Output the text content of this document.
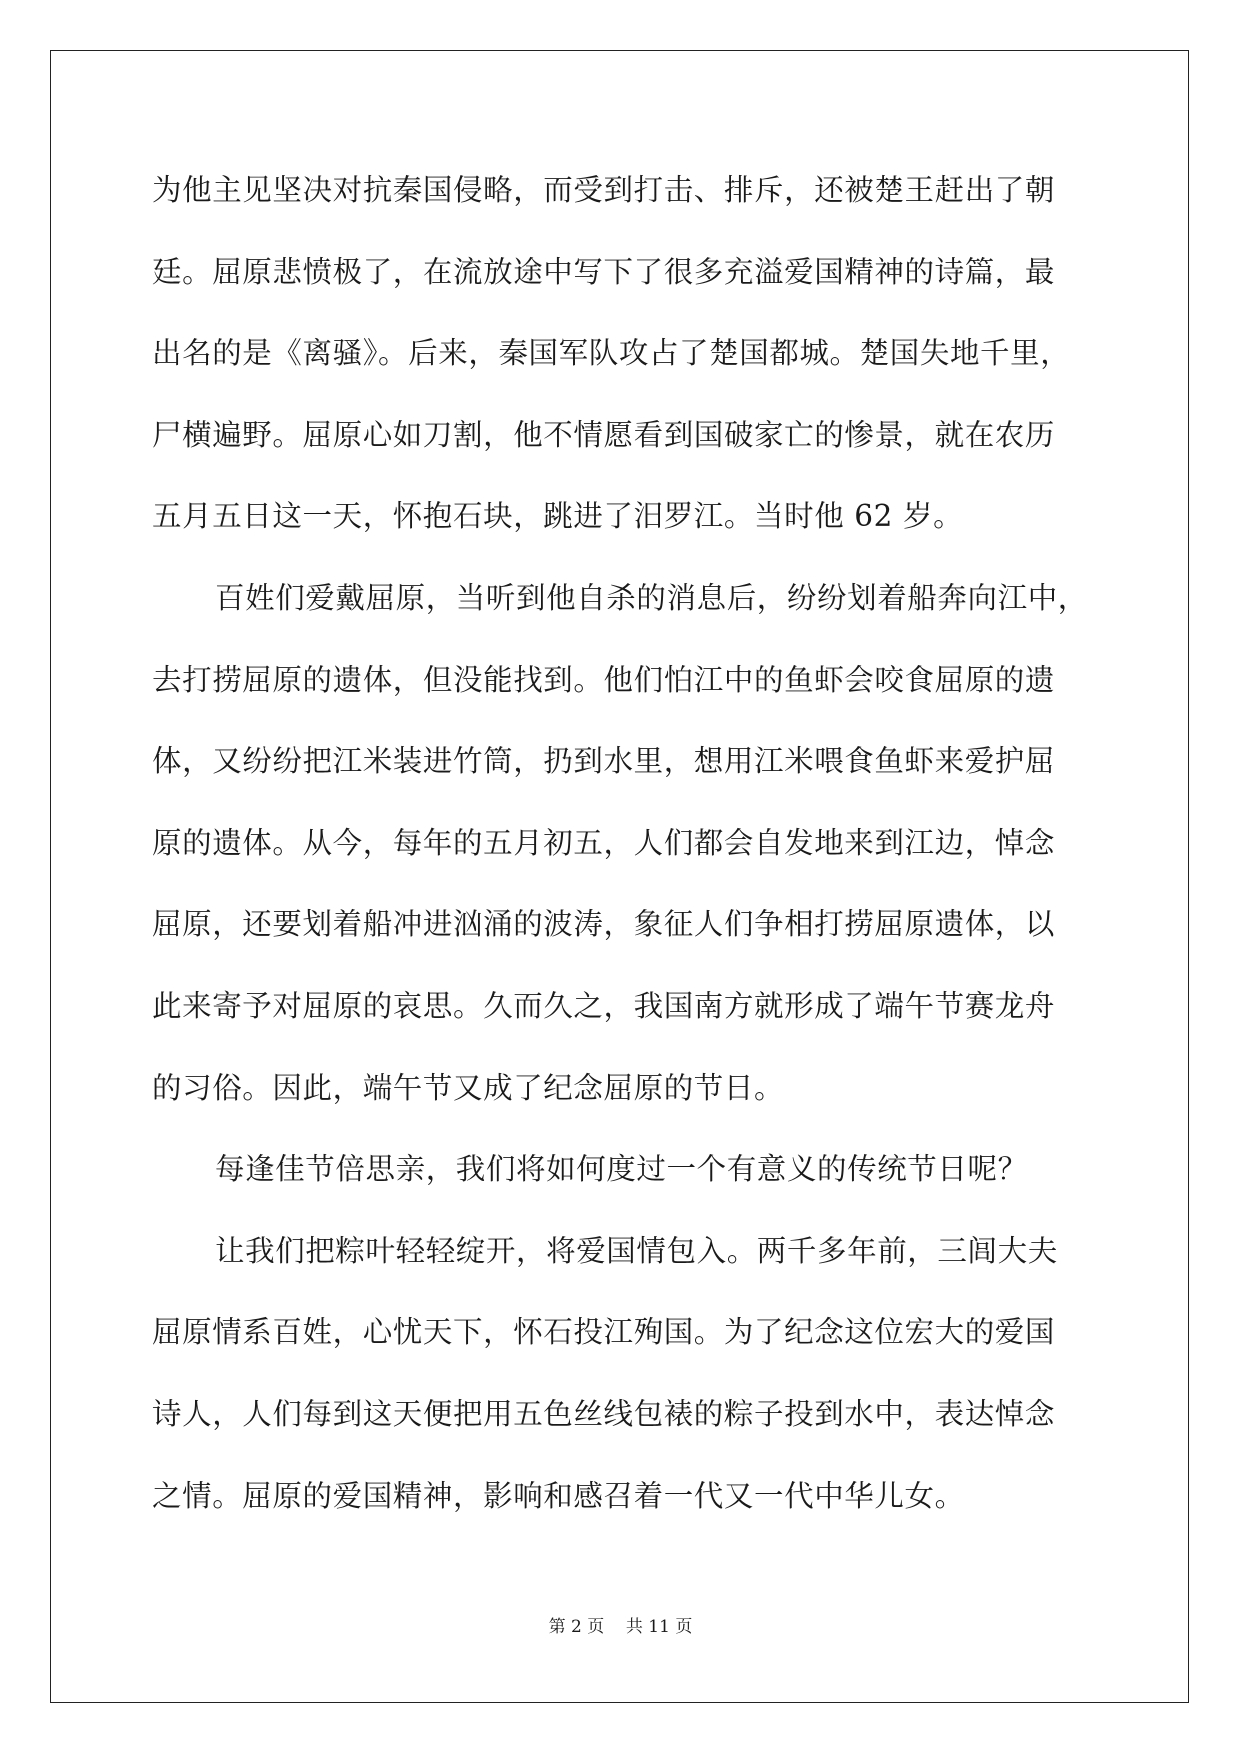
为他主见坚决对抗秦国侵略，而受到打击、排斥，还被楚王赶出了朝
廷。屈原悲愤极了，在流放途中写下了很多充溢爱国精神的诗篇，最
出名的是《离骚》。后来，秦国军队攻占了楚国都城。楚国失地千里，
尸横遍野。屈原心如刀割，他不情愿看到国破家亡的惨景，就在农历
五月五日这一天，怀抱石块，跳进了汨罗江。当时他 62 岁。
百姓们爱戴屈原，当听到他自杀的消息后，纷纷划着船奔向江中，
去打捞屈原的遗体，但没能找到。他们怕江中的鱼虾会咬食屈原的遗
体，又纷纷把江米装进竹筒，扔到水里，想用江米喂食鱼虾来爱护屈
原的遗体。从今，每年的五月初五，人们都会自发地来到江边，悼念
屈原，还要划着船冲进汹涌的波涛，象征人们争相打捞屈原遗体，以
此来寄予对屈原的哀思。久而久之，我国南方就形成了端午节赛龙舟
的习俗。因此，端午节又成了纪念屈原的节日。
每逢佳节倍思亲，我们将如何度过一个有意义的传统节日呢？
让我们把粽叶轻轻绽开，将爱国情包入。两千多年前，三闾大夫
屈原情系百姓，心忧天下，怀石投江殉国。为了纪念这位宏大的爱国
诗人，人们每到这天便把用五色丝线包裱的粽子投到水中，表达悼念
之情。屈原的爱国精神，影响和感召着一代又一代中华儿女。
第 2 页    共 11 页
